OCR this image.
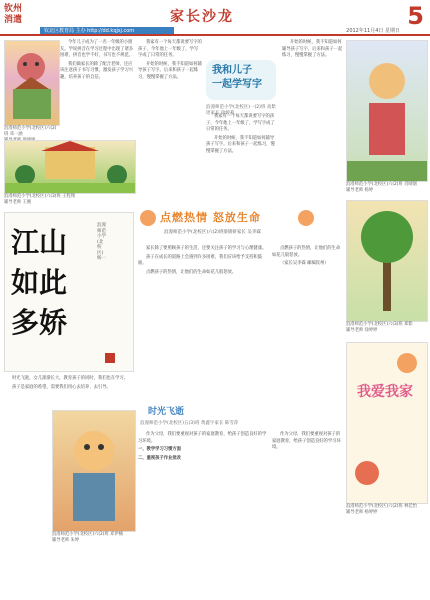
钦州
消遣	家长沙龙	5
钦北区教育局 主办 http://dd.kqjsj.com	2012年11月4日 星期日

今年儿子成为了一名一年级的小朋友。学说拼音在学习过程中出现了诸多困难，拼音也学不好，书写也不规范。

我们做家长的除了配合老师，还应该注意孩子书写习惯，激发孩子学习兴趣，培养孩子的自信。

浪漫师范小学(北校区)六(2)班 邓一涵
浪漫师范小学(北校区)六(3)班 王程翔
辅导老师 王婉
江山如此多娇
浪漫师范小学(北校区) 杨一

时光飞逝，女儿渐渐长大，教育孩子的同时，我们也在学习。

孩子是家庭的希望，需要我们用心去培养、去引导。

浪漫师范小学(北校区)六(2)班 邓伊楠
辅导老师 朱婷

我家有一个每天都说要写字的孩子，今年他上一年级了，学写字成了日常的任务。

开始的时候，我不知道如何辅导孩子写字。后来和孩子一起练习，慢慢掌握了方法。

我和儿子
一起学写字
浪漫师范小学(北校区)一(2)班 高紫瑶家长 徐媛莉

我家有一个每天都说要写字的孩子，今年他上一年级了，学写字成了日常的任务。

开始的时候，我不知道如何辅导孩子写字。后来和孩子一起练习，慢慢掌握了方法。

开始的时候，我不知道如何辅导孩子写字。后来和孩子一起练习，慢慢掌握了方法。

点燃热情 怒放生命
浪漫师范小学(北校区)六(2)班梁锦妍家长 吴李霖

家长除了要照顾孩子的生活，还要关注孩子的学习与心理健康。

孩子在成长的道路上会遇到许多困难，我们应该给予支持和鼓励。

点燃孩子的热情，让他们的生命如花儿般怒放。

点燃孩子的热情，让他们的生命如花儿般怒放。

（家长吴李霖 邮编钦州）

时光飞逝
浪漫师范小学(北校区)五(3)班 黄鑫宇家长 陈雪萍

作为父母，我们要重视对孩子的家庭教育，给孩子创造良好的学习环境。

一、教学学习习惯方面

二、重视孩子作业批改

作为父母，我们要重视对孩子的家庭教育，给孩子创造良好的学习环境。

浪漫师范小学(北校区)六(2)班 肖晴烟
辅导老师 杨婷
浪漫师范小学(北校区)六(3)班 郑紫
辅导老师 徐婷婷
我爱我家
浪漫师范小学(北校区)六(2)班 林佳怡
辅导老师 杨婷婷
